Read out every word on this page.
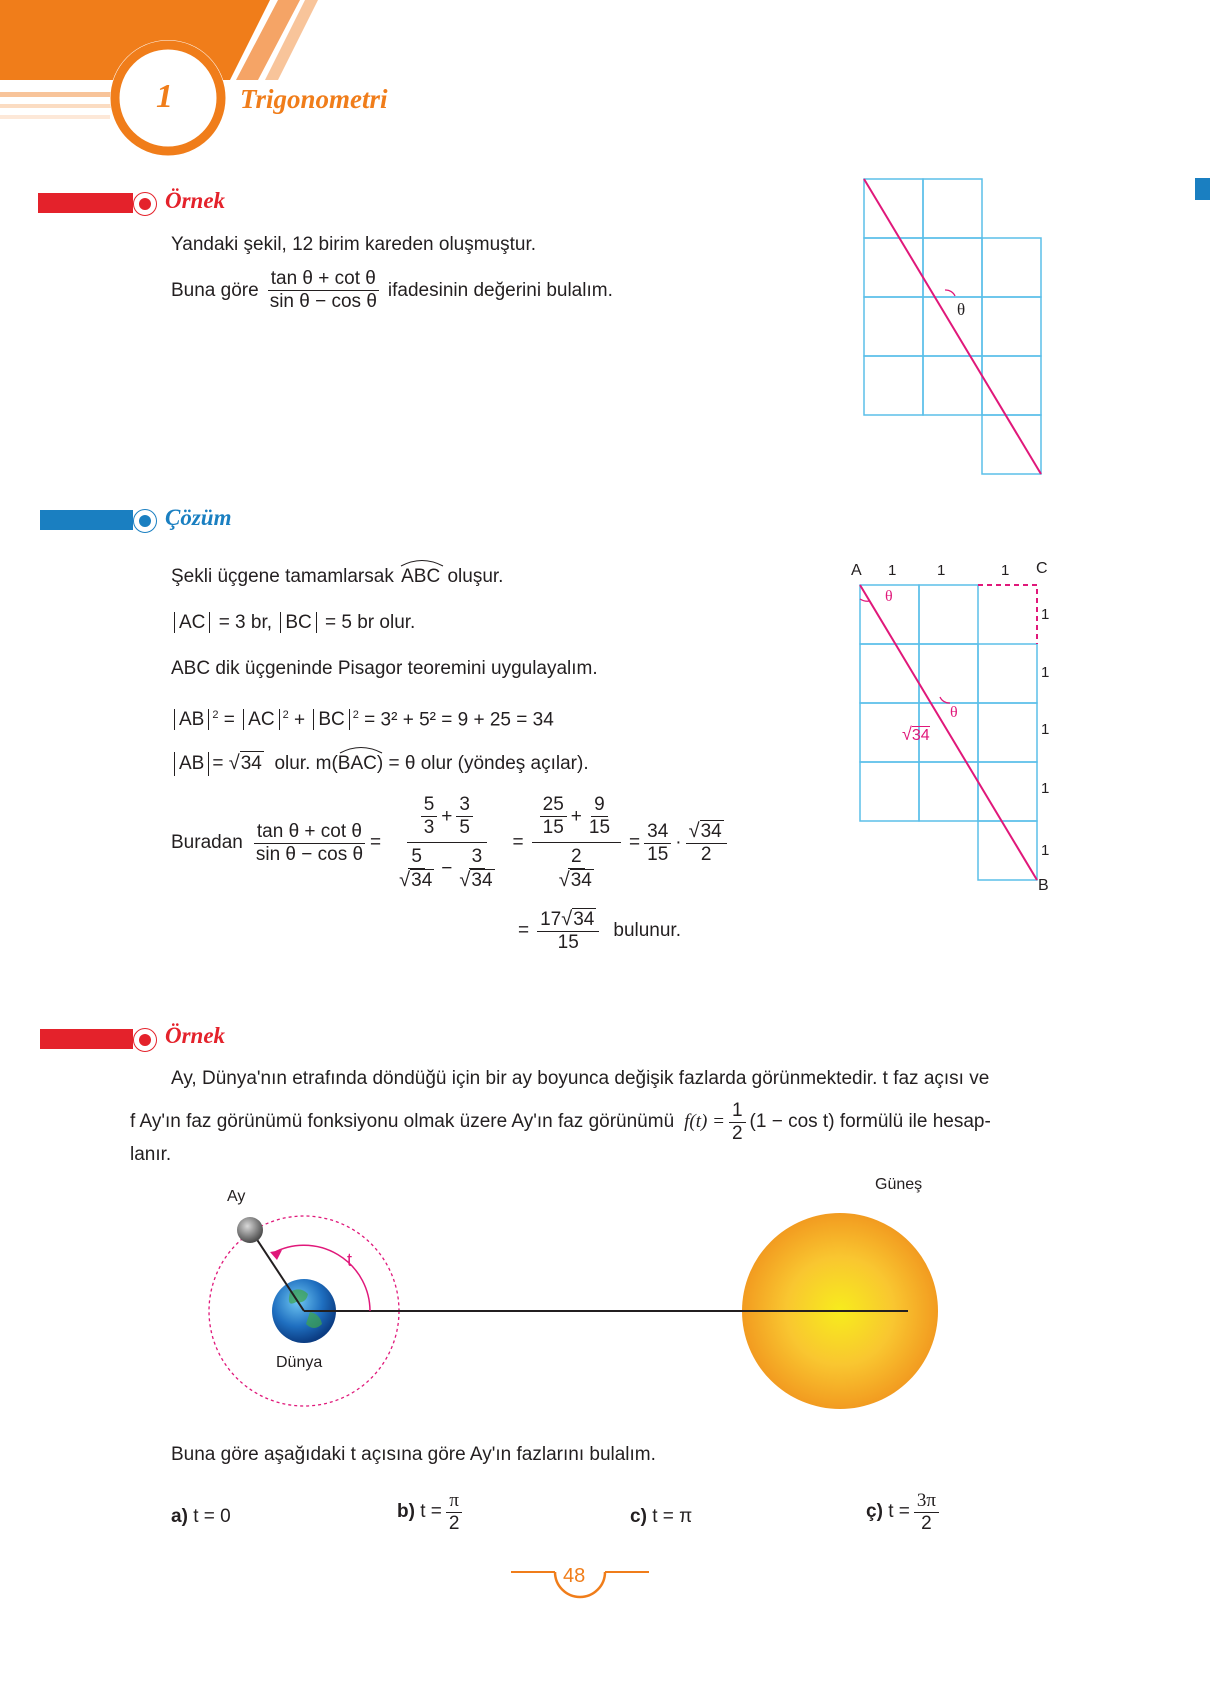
1 Trigonometri
Örnek
Yandaki şekil, 12 birim kareden oluşmuştur.
Buna göre $\frac{\text{tan θ + cot θ}}{\text{sin θ − cos θ}}$ ifadesinin değerini bulalım.
θ
Çözüm
Şekli üçgene tamamlarsak
ABC
oluşur.
AC = 3 br, BC = 5 br olur.
ABC dik üçgeninde Pisagor teoremini uygulayalım.
AB $^2$ = AC $^2$ + BC $^2$ = 3² + 5² = 9 + 25 = 34
AB =
√ 34
olur. m( BAC ) = θ olur (yöndeş açılar).
Buradan $\frac{\text{tan θ + cot θ}}{\text{sin θ − cos θ}} = \frac{\frac{5}{3} + \frac{3}{5}}{\frac{5}{√34} - \frac{3}{√34}} = \frac{\frac{25}{15} + \frac{9}{15}}{\frac{2}{√34}} = \frac{34}{15} \cdot \frac{√34}{2}$
= $\frac{17√34}{15}$ bulunur.
A
B
C
1	1	1
1
1
1
1
1
θ
θ
√34
Örnek
Ay, Dünya'nın etrafında döndüğü için bir ay boyunca değişik fazlarda görünmektedir. t faz açısı ve
f Ay'ın faz görünümü fonksiyonu olmak üzere Ay'ın faz görünümü $f(t) = \frac{1}{2} (1 - \cos t)$
formülü ile hesap-
lanır.
Ay
Dünya
Güneş
t
Buna göre aşağıdaki t açısına göre Ay'ın fazlarını bulalım.
a)
t = 0	b)
$t = \frac{\pi}{2}$	c)
t = π	ç)
$t = \frac{3\pi}{2}$
48
